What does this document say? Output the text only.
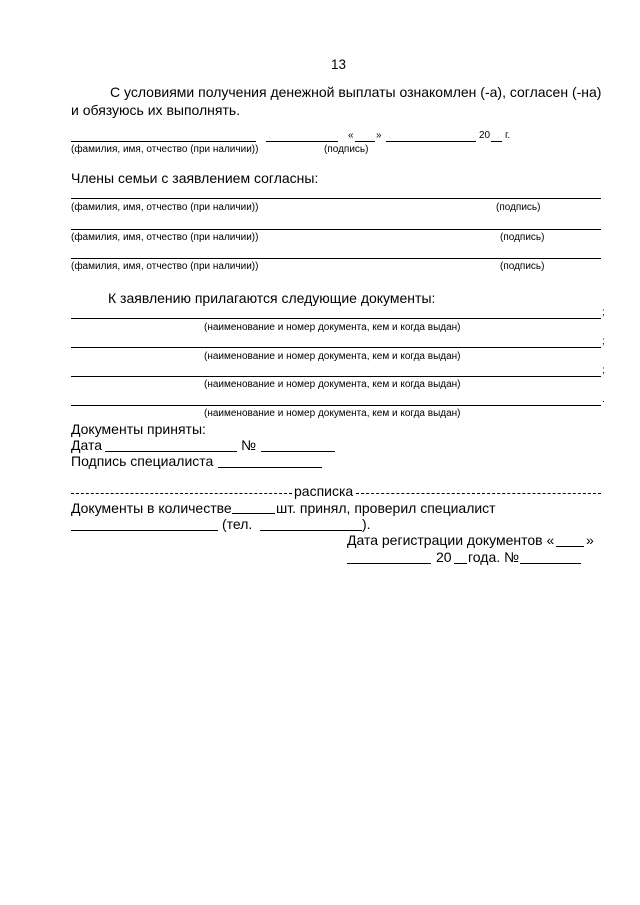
13
С условиями получения денежной выплаты ознакомлен (-а), согласен (-на)
и обязуюсь их выполнять.
« »	20 г.
(фамилия, имя, отчество (при наличии))	(подпись)
Члены семьи с заявлением согласны:
(фамилия, имя, отчество (при наличии))	(подпись)
(фамилия, имя, отчество (при наличии))	(подпись)
(фамилия, имя, отчество (при наличии))	(подпись)
К заявлению прилагаются следующие документы:
;
(наименование и номер документа, кем и когда выдан)
;
(наименование и номер документа, кем и когда выдан)
;
(наименование и номер документа, кем и когда выдан)
.
(наименование и номер документа, кем и когда выдан)
Документы приняты:
Дата	№
Подпись специалиста
расписка
Документы в количестве	шт. принял, проверил специалист
(тел.	).
Дата регистрации документов « »
20 года. №
